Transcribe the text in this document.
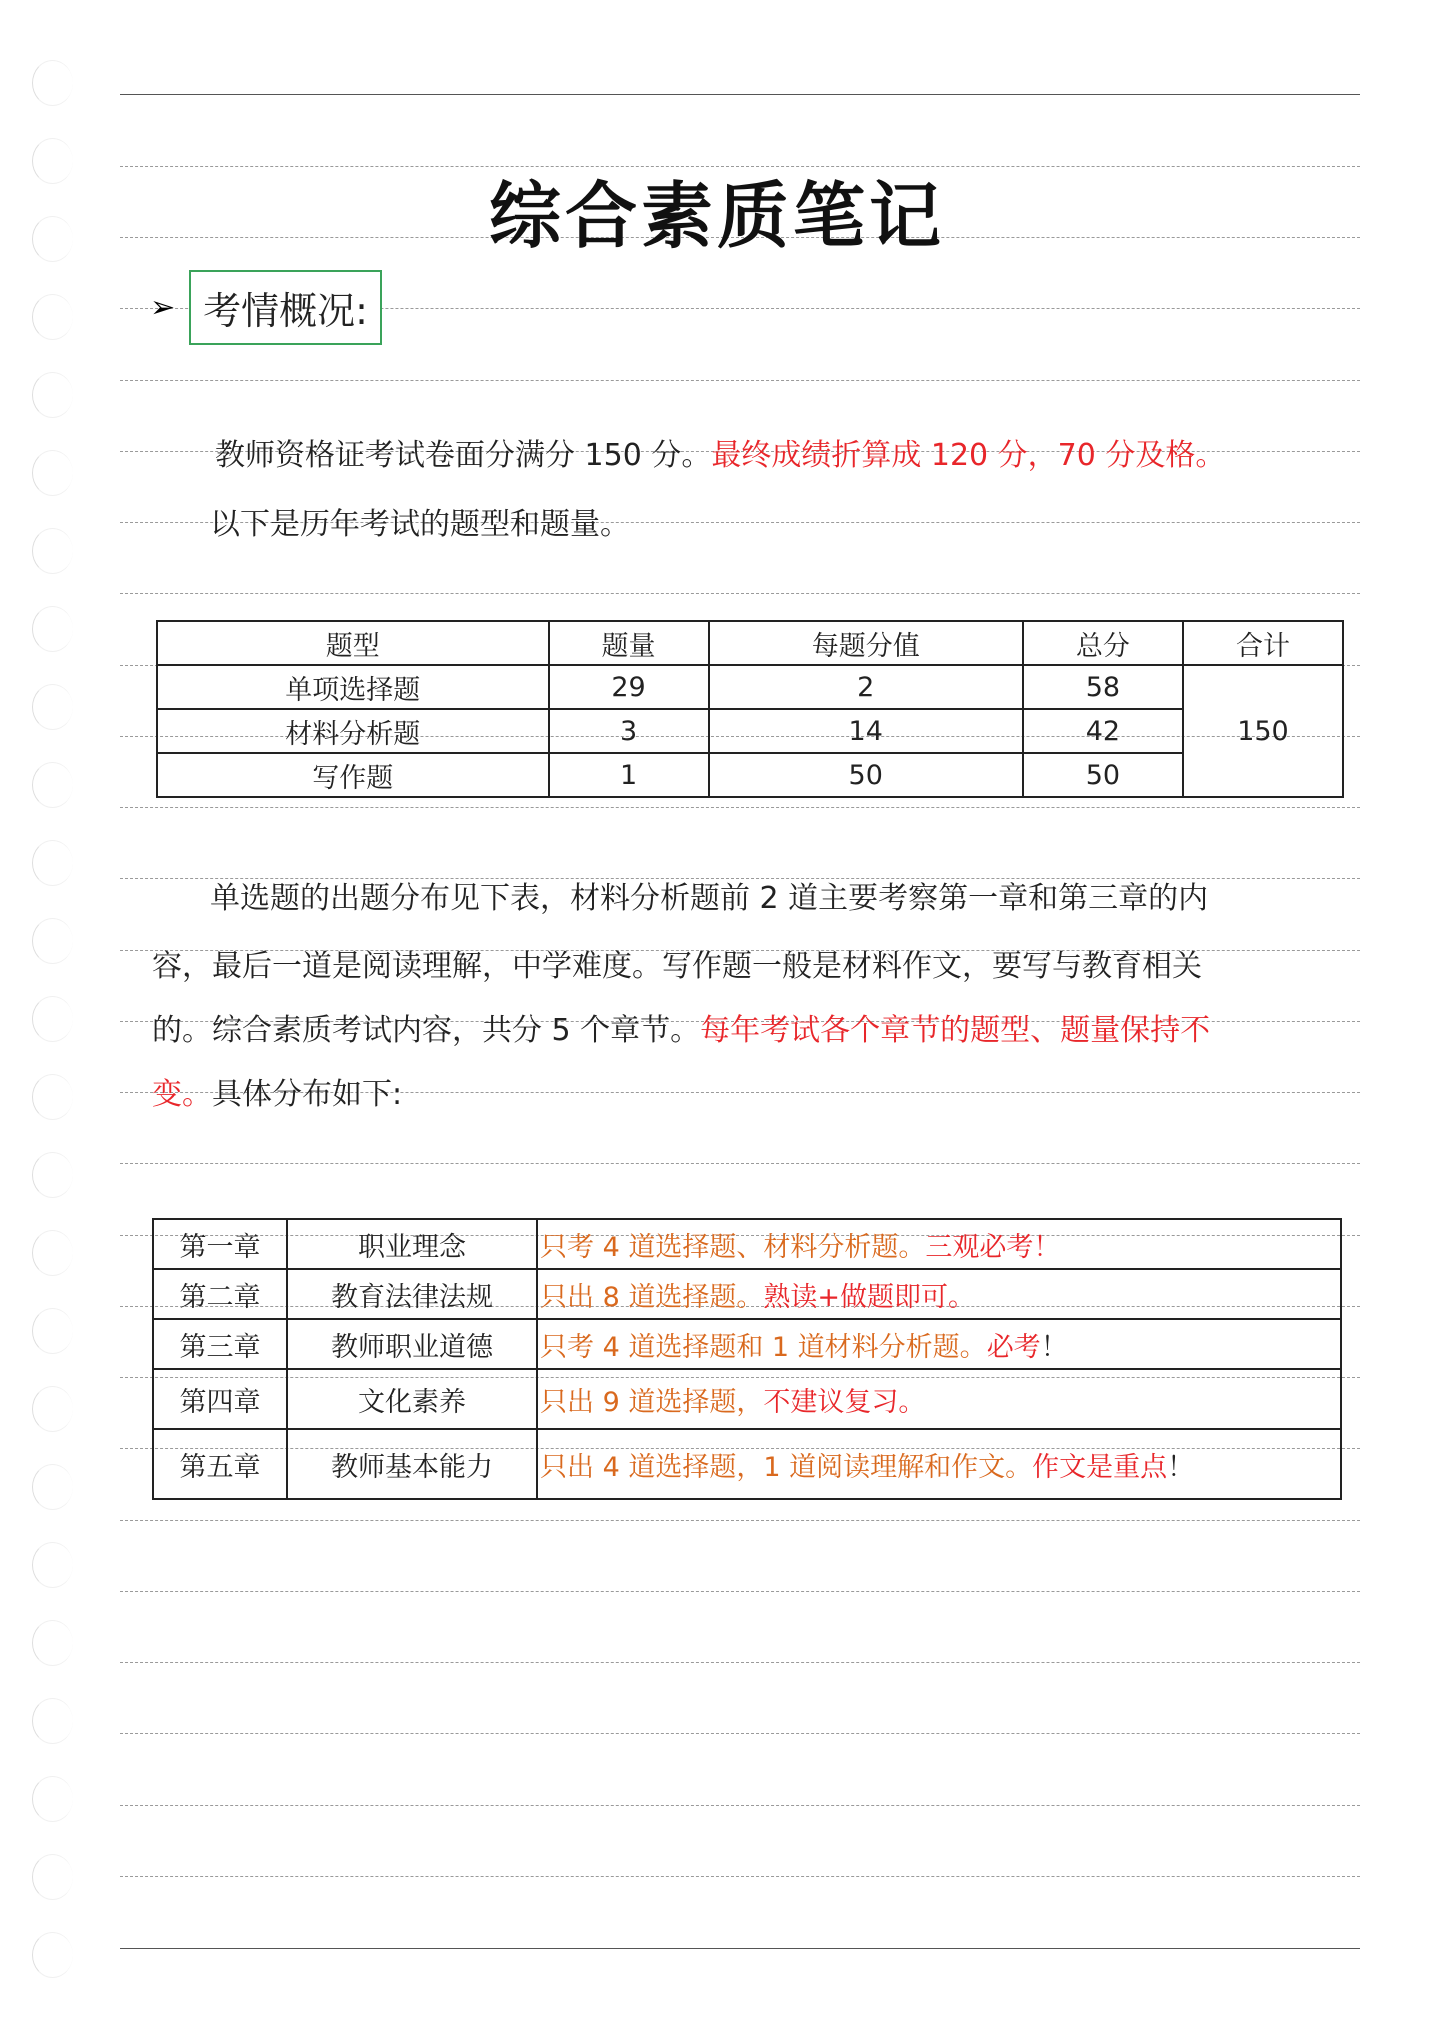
综合素质笔记
➢ 考情概况:
教师资格证考试卷面分满分 150 分。最终成绩折算成 120 分，70 分及格。
以下是历年考试的题型和题量。
题型	题量	每题分值	总分	合计
单项选择题	29	2	58	150
材料分析题	3	14	42	
写作题	1	50	50	
单选题的出题分布见下表，材料分析题前 2 道主要考察第一章和第三章的内
容，最后一道是阅读理解，中学难度。写作题一般是材料作文，要写与教育相关
的。综合素质考试内容，共分 5 个章节。每年考试各个章节的题型、题量保持不
变。具体分布如下:
第一章	职业理念	只考 4 道选择题、材料分析题。三观必考！
第二章	教育法律法规	只出 8 道选择题。熟读+做题即可。
第三章	教师职业道德	只考 4 道选择题和 1 道材料分析题。必考！
第四章	文化素养	只出 9 道选择题，不建议复习。
第五章	教师基本能力	只出 4 道选择题，1 道阅读理解和作文。作文是重点！
